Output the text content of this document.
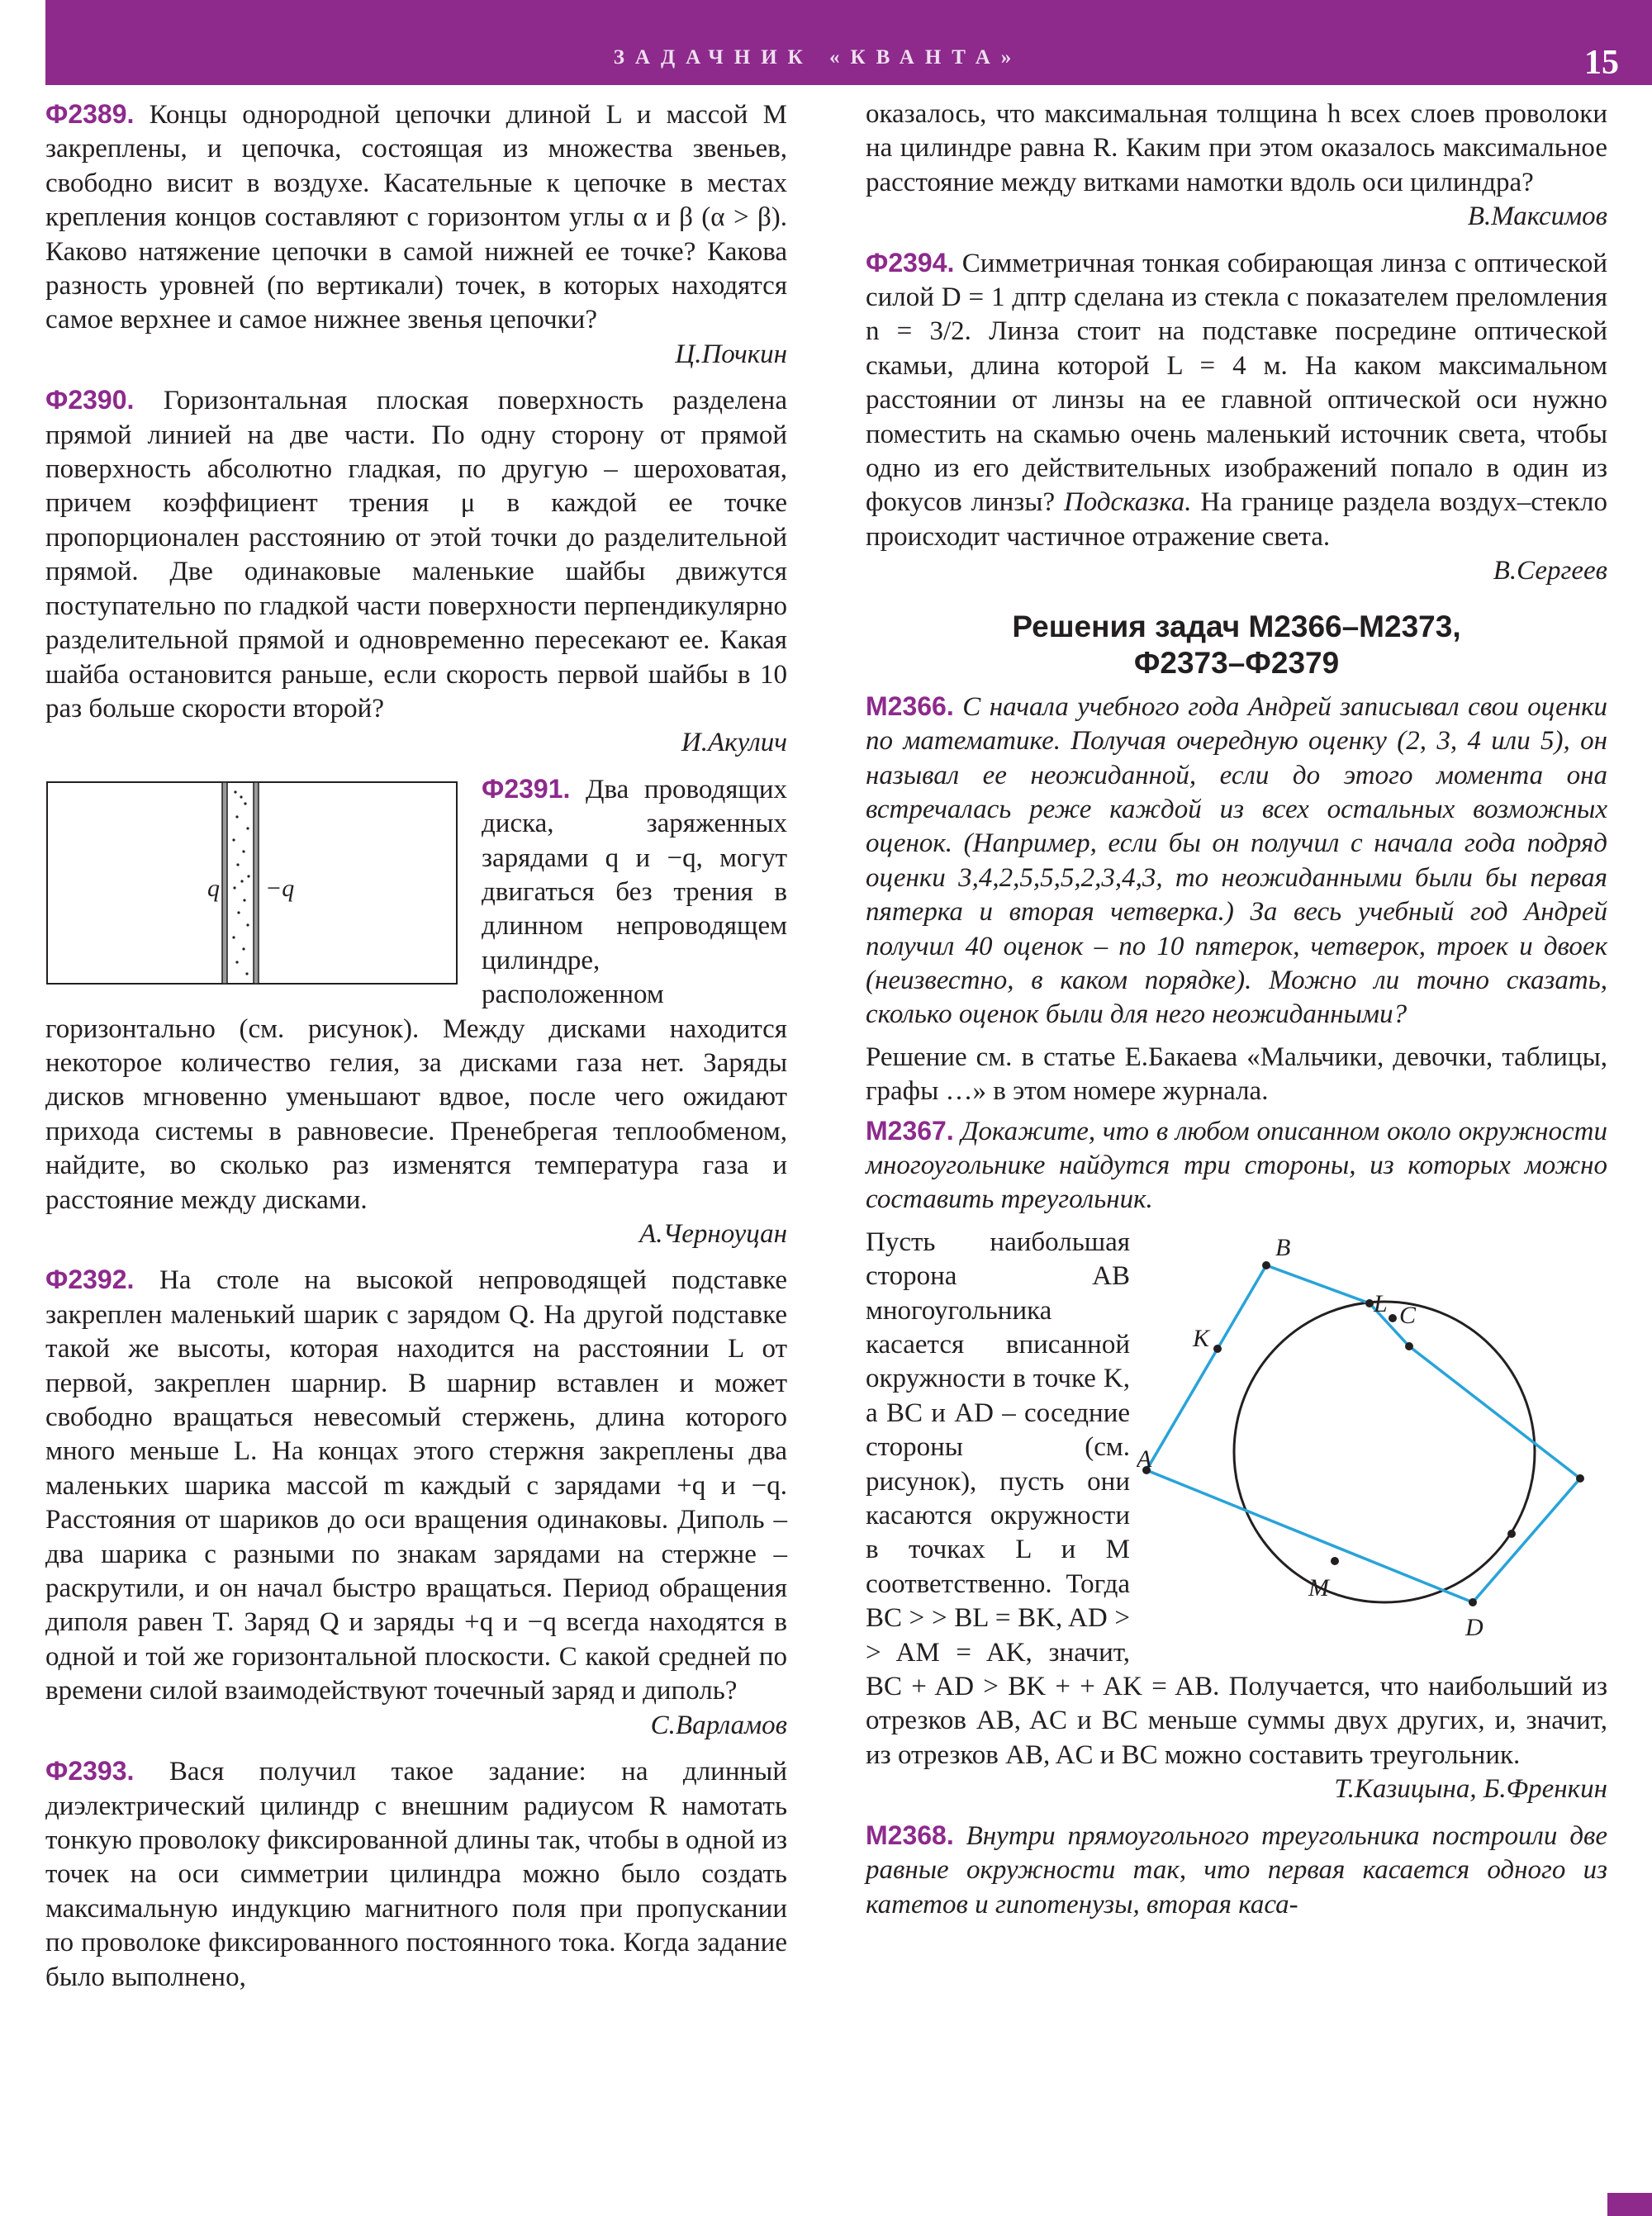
ЗАДАЧНИК «КВАНТА»	15

Ф2389. Концы однородной цепочки длиной L и массой M закреплены, и цепочка, состоящая из множества звеньев, свободно висит в воздухе. Касательные к цепочке в местах крепления концов составляют с горизонтом углы α и β (α > β). Каково натяжение цепочки в самой нижней ее точке? Какова разность уровней (по вертикали) точек, в которых находятся самое верхнее и самое нижнее звенья цепочки?

Ц.Почкин

Ф2390. Горизонтальная плоская поверхность разделена прямой линией на две части. По одну сторону от прямой поверхность абсолютно гладкая, по другую – шероховатая, причем коэффициент трения μ в каждой ее точке пропорционален расстоянию от этой точки до разделительной прямой. Две одинаковые маленькие шайбы движутся поступательно по гладкой части поверхности перпендикулярно разделительной прямой и одновременно пересекают ее. Какая шайба остановится раньше, если скорость первой шайбы в 10 раз больше скорости второй?

И.Акулич

q −q
Ф2391. Два проводящих диска, заряженных зарядами q и −q, могут двигаться без трения в длинном непроводящем цилиндре, расположенном горизонтально (см. рисунок). Между дисками находится некоторое количество гелия, за дисками газа нет. Заряды дисков мгновенно уменьшают вдвое, после чего ожидают прихода системы в равновесие. Пренебрегая теплообменом, найдите, во сколько раз изменятся температура газа и расстояние между дисками.

А.Черноуцан

Ф2392. На столе на высокой непроводящей подставке закреплен маленький шарик с зарядом Q. На другой подставке такой же высоты, которая находится на расстоянии L от первой, закреплен шарнир. В шарнир вставлен и может свободно вращаться невесомый стержень, длина которого много меньше L. На концах этого стержня закреплены два маленьких шарика массой m каждый с зарядами +q и −q. Расстояния от шариков до оси вращения одинаковы. Диполь – два шарика с разными по знакам зарядами на стержне – раскрутили, и он начал быстро вращаться. Период обращения диполя равен T. Заряд Q и заряды +q и −q всегда находятся в одной и той же горизонтальной плоскости. С какой средней по времени силой взаимодействуют точечный заряд и диполь?

С.Варламов

Ф2393. Вася получил такое задание: на длинный диэлектрический цилиндр с внешним радиусом R намотать тонкую проволоку фиксированной длины так, чтобы в одной из точек на оси симметрии цилиндра можно было создать максимальную индукцию магнитного поля при пропускании по проволоке фиксированного постоянного тока. Когда задание было выполнено,

оказалось, что максимальная толщина h всех слоев проволоки на цилиндре равна R. Каким при этом оказалось максимальное расстояние между витками намотки вдоль оси цилиндра?

В.Максимов

Ф2394. Симметричная тонкая собирающая линза с оптической силой D = 1 дптр сделана из стекла с показателем преломления n = 3/2. Линза стоит на подставке посредине оптической скамьи, длина которой L = 4 м. На каком максимальном расстоянии от линзы на ее главной оптической оси нужно поместить на скамью очень маленький источник света, чтобы одно из его действительных изображений попало в один из фокусов линзы? Подсказка. На границе раздела воздух–стекло происходит частичное отражение света.

В.Сергеев

Решения задач М2366–М2373,
Ф2373–Ф2379

М2366. С начала учебного года Андрей записывал свои оценки по математике. Получая очередную оценку (2, 3, 4 или 5), он называл ее неожиданной, если до этого момента она встречалась реже каждой из всех остальных возможных оценок. (Например, если бы он получил с начала года подряд оценки 3,4,2,5,5,5,2,3,4,3, то неожиданными были бы первая пятерка и вторая четверка.) За весь учебный год Андрей получил 40 оценок – по 10 пятерок, четверок, троек и двоек (неизвестно, в каком порядке). Можно ли точно сказать, сколько оценок были для него неожиданными?

Решение см. в статье Е.Бакаева «Мальчики, девочки, таблицы, графы …» в этом номере журнала.

М2367. Докажите, что в любом описанном около окружности многоугольнике найдутся три стороны, из которых можно составить треугольник.

A
B
C
D
K
L
M
Пусть наибольшая сторона AB многоугольника касается вписанной окружности в точке K, а BC и AD – соседние стороны (см. рисунок), пусть они касаются окружности в точках L и M соответственно. Тогда BC > > BL = BK, AD > > AM = AK, значит, BC + AD > BK + + AK = AB. Получается, что наибольший из отрезков AB, AC и BC меньше суммы двух других, и, значит, из отрезков AB, AC и BC можно составить треугольник.

Т.Казицына, Б.Френкин

М2368. Внутри прямоугольного треугольника построили две равные окружности так, что первая касается одного из катетов и гипотенузы, вторая каса-
